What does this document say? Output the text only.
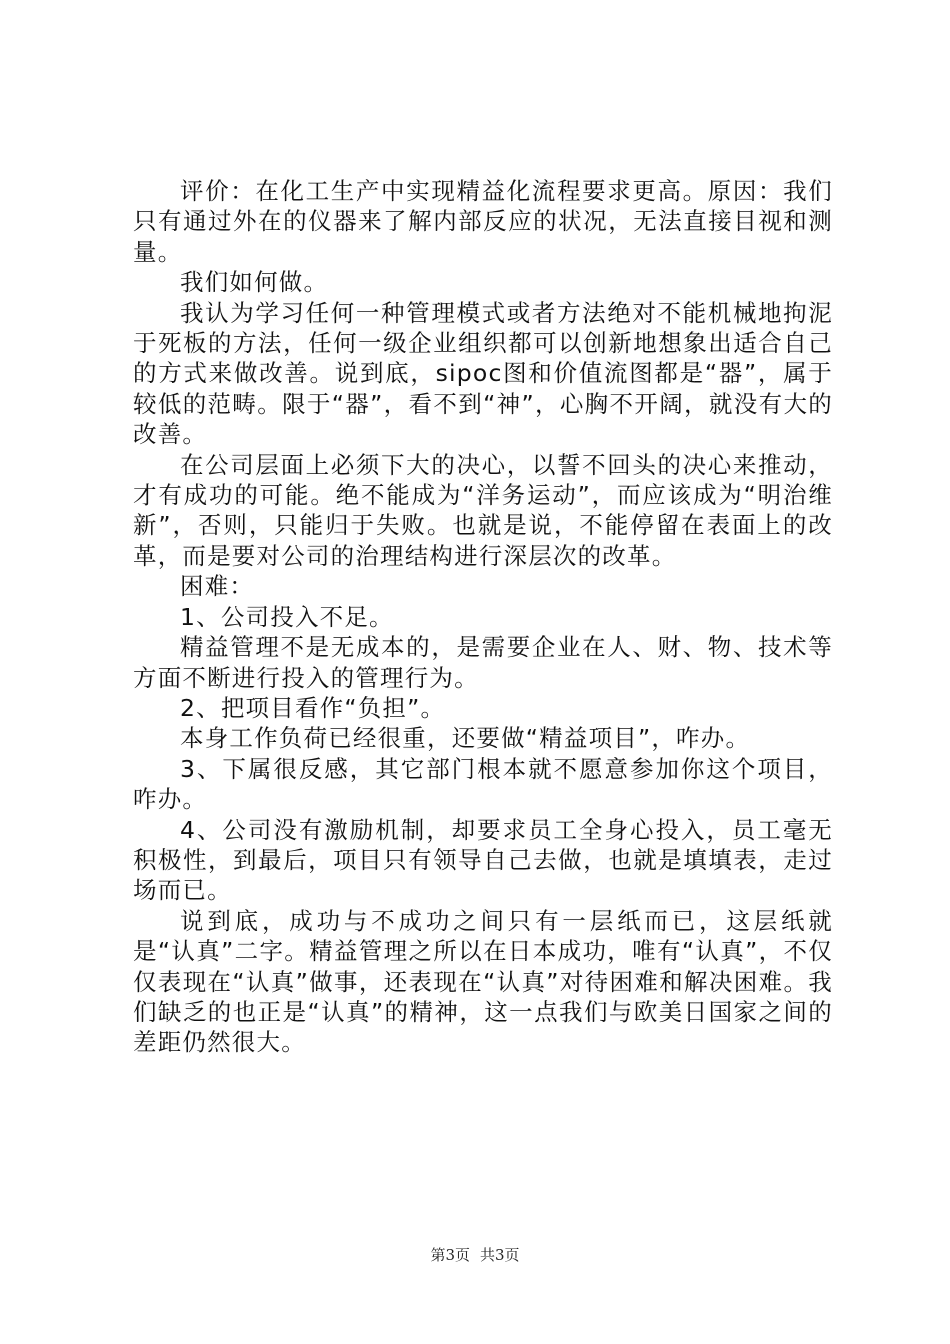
评价：在化工生产中实现精益化流程要求更高。原因：我们只有通过外在的仪器来了解内部反应的状况，无法直接目视和测量。

我们如何做。

我认为学习任何一种管理模式或者方法绝对不能机械地拘泥于死板的方法，任何一级企业组织都可以创新地想象出适合自己的方式来做改善。说到底，sipoc图和价值流图都是“器”，属于较低的范畴。限于“器”，看不到“神”，心胸不开阔，就没有大的改善。

在公司层面上必须下大的决心，以誓不回头的决心来推动，才有成功的可能。绝不能成为“洋务运动”，而应该成为“明治维新”，否则，只能归于失败。也就是说，不能停留在表面上的改革，而是要对公司的治理结构进行深层次的改革。

困难：

1、公司投入不足。

精益管理不是无成本的，是需要企业在人、财、物、技术等方面不断进行投入的管理行为。

2、把项目看作“负担”。

本身工作负荷已经很重，还要做“精益项目”，咋办。

3、下属很反感，其它部门根本就不愿意参加你这个项目，咋办。

4、公司没有激励机制，却要求员工全身心投入，员工毫无积极性，到最后，项目只有领导自己去做，也就是填填表，走过场而已。

说到底，成功与不成功之间只有一层纸而已，这层纸就是“认真”二字。精益管理之所以在日本成功，唯有“认真”，不仅仅表现在“认真”做事，还表现在“认真”对待困难和解决困难。我们缺乏的也正是“认真”的精神，这一点我们与欧美日国家之间的差距仍然很大。

第3页 共3页
